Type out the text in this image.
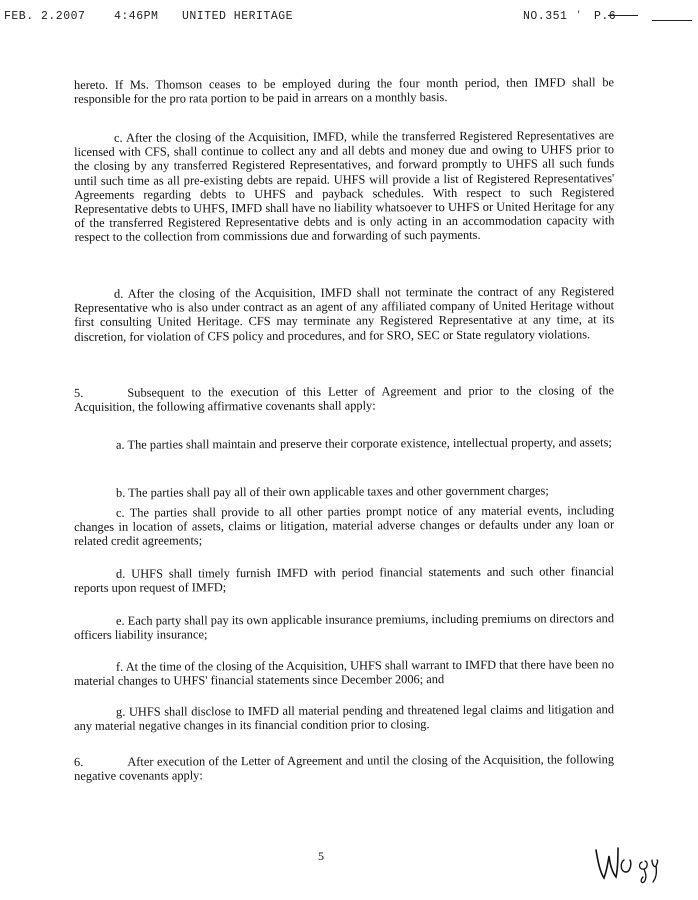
FEB. 2.2007 4:46PM UNITED HERITAGE	NO.351 ' P.6

hereto. If Ms. Thomson ceases to be employed during the four month period, then IMFD shall be responsible for the pro rata portion to be paid in arrears on a monthly basis.

c. After the closing of the Acquisition, IMFD, while the transferred Registered Representatives are licensed with CFS, shall continue to collect any and all debts and money due and owing to UHFS prior to the closing by any transferred Registered Representatives, and forward promptly to UHFS all such funds until such time as all pre-existing debts are repaid. UHFS will provide a list of Registered Representatives' Agreements regarding debts to UHFS and payback schedules. With respect to such Registered Representative debts to UHFS, IMFD shall have no liability whatsoever to UHFS or United Heritage for any of the transferred Registered Representative debts and is only acting in an accommodation capacity with respect to the collection from commissions due and forwarding of such payments.

d. After the closing of the Acquisition, IMFD shall not terminate the contract of any Registered Representative who is also under contract as an agent of any affiliated company of United Heritage without first consulting United Heritage. CFS may terminate any Registered Representative at any time, at its discretion, for violation of CFS policy and procedures, and for SRO, SEC or State regulatory violations.

5.	Subsequent to the execution of this Letter of Agreement and prior to the closing of the Acquisition, the following affirmative covenants shall apply:

a. The parties shall maintain and preserve their corporate existence, intellectual property, and assets;

b. The parties shall pay all of their own applicable taxes and other government charges;

c. The parties shall provide to all other parties prompt notice of any material events, including changes in location of assets, claims or litigation, material adverse changes or defaults under any loan or related credit agreements;

d. UHFS shall timely furnish IMFD with period financial statements and such other financial reports upon request of IMFD;

e. Each party shall pay its own applicable insurance premiums, including premiums on directors and officers liability insurance;

f. At the time of the closing of the Acquisition, UHFS shall warrant to IMFD that there have been no material changes to UHFS' financial statements since December 2006; and

g. UHFS shall disclose to IMFD all material pending and threatened legal claims and litigation and any material negative changes in its financial condition prior to closing.

6.	After execution of the Letter of Agreement and until the closing of the Acquisition, the following negative covenants apply:

5
